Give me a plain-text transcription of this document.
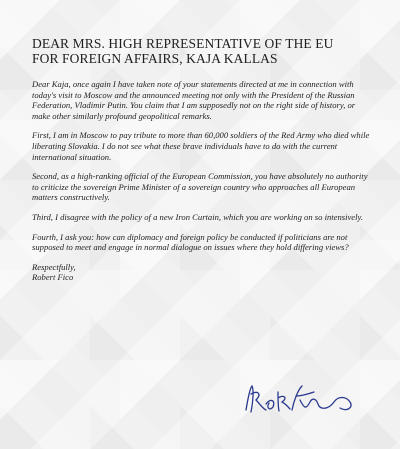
DEAR MRS. HIGH REPRESENTATIVE OF THE EU
FOR FOREIGN AFFAIRS, KAJA KALLAS

Dear Kaja, once again I have taken note of your statements directed at me in connection with today's visit to Moscow and the announced meeting not only with the President of the Russian Federation, Vladimir Putin. You claim that I am supposedly not on the right side of history, or make other similarly profound geopolitical remarks.

First, I am in Moscow to pay tribute to more than 60,000 soldiers of the Red Army who died while liberating Slovakia. I do not see what these brave individuals have to do with the current international situation.

Second, as a high-ranking official of the European Commission, you have absolutely no authority to criticize the sovereign Prime Minister of a sovereign country who approaches all European matters constructively.

Third, I disagree with the policy of a new Iron Curtain, which you are working on so intensively.

Fourth, I ask you: how can diplomacy and foreign policy be conducted if politicians are not supposed to meet and engage in normal dialogue on issues where they hold differing views?

Respectfully,
Robert Fico
